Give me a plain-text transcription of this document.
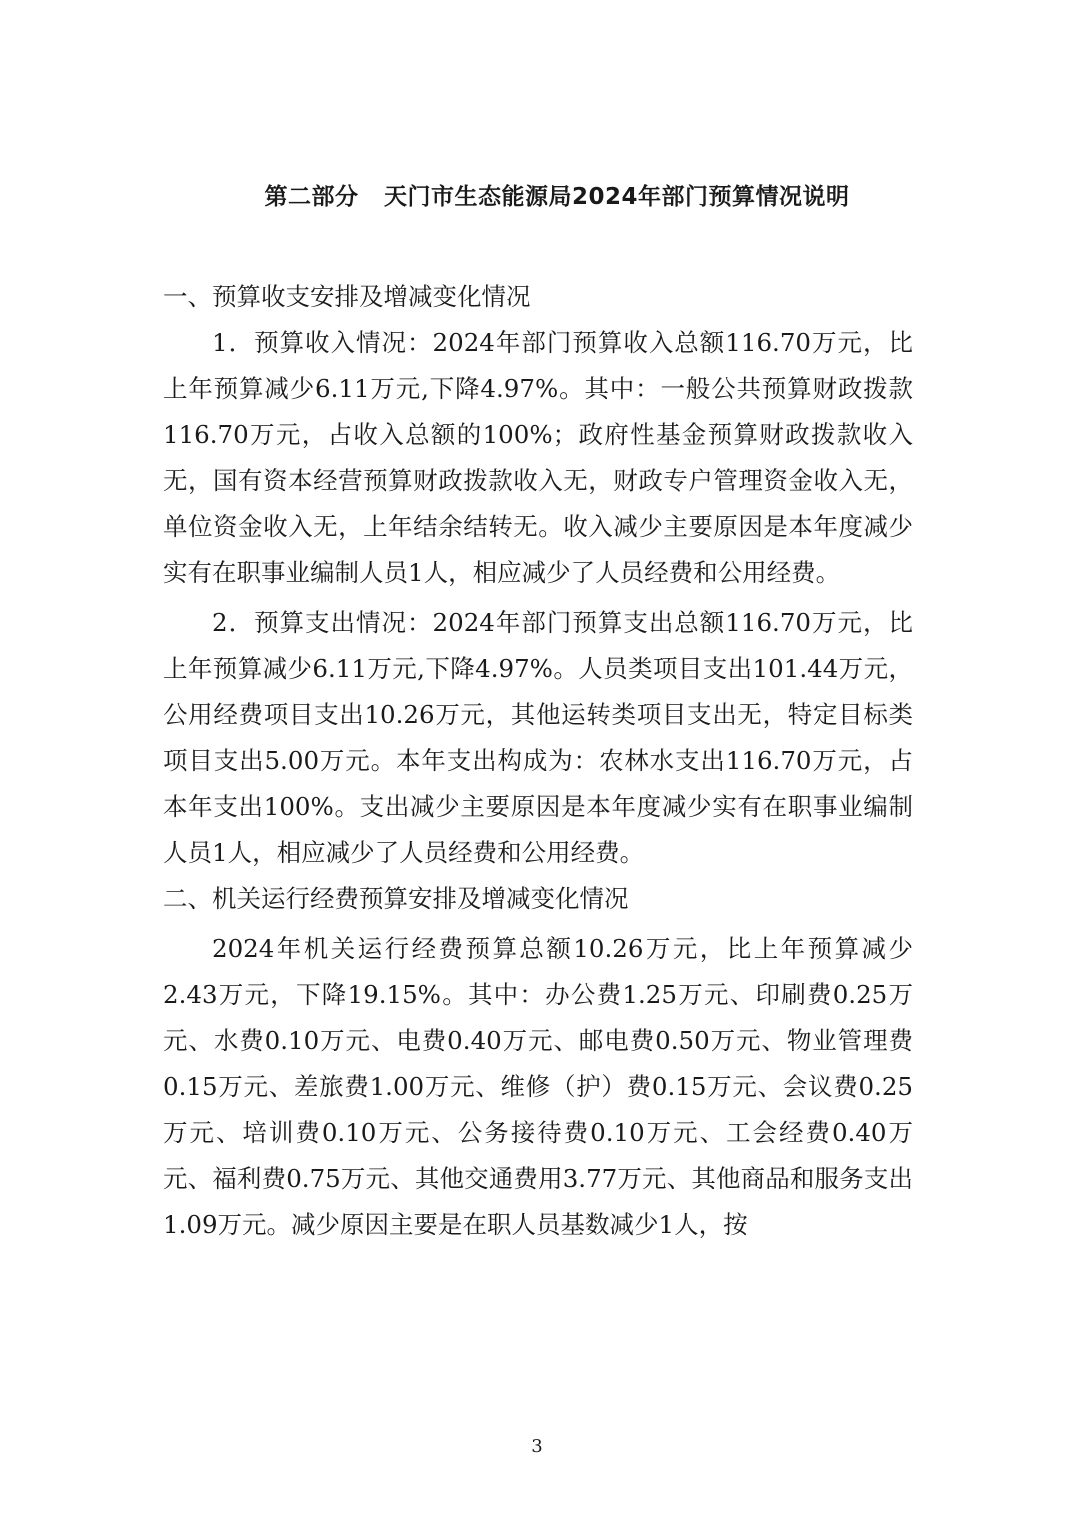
第二部分   天门市生态能源局2024年部门预算情况说明
一、预算收支安排及增减变化情况

1．预算收入情况：2024年部门预算收入总额116.70万元，比上年预算减少6.11万元,下降4.97%。其中：一般公共预算财政拨款116.70万元，占收入总额的100%；政府性基金预算财政拨款收入无，国有资本经营预算财政拨款收入无，财政专户管理资金收入无，单位资金收入无，上年结余结转无。收入减少主要原因是本年度减少实有在职事业编制人员1人，相应减少了人员经费和公用经费。

2．预算支出情况：2024年部门预算支出总额116.70万元，比上年预算减少6.11万元,下降4.97%。人员类项目支出101.44万元，公用经费项目支出10.26万元，其他运转类项目支出无，特定目标类项目支出5.00万元。本年支出构成为：农林水支出116.70万元，占本年支出100%。支出减少主要原因是本年度减少实有在职事业编制人员1人，相应减少了人员经费和公用经费。

二、机关运行经费预算安排及增减变化情况

2024年机关运行经费预算总额10.26万元，比上年预算减少2.43万元，下降19.15%。其中：办公费1.25万元、印刷费0.25万元、水费0.10万元、电费0.40万元、邮电费0.50万元、物业管理费0.15万元、差旅费1.00万元、维修（护）费0.15万元、会议费0.25万元、培训费0.10万元、公务接待费0.10万元、工会经费0.40万元、福利费0.75万元、其他交通费用3.77万元、其他商品和服务支出1.09万元。减少原因主要是在职人员基数减少1人，按

3
